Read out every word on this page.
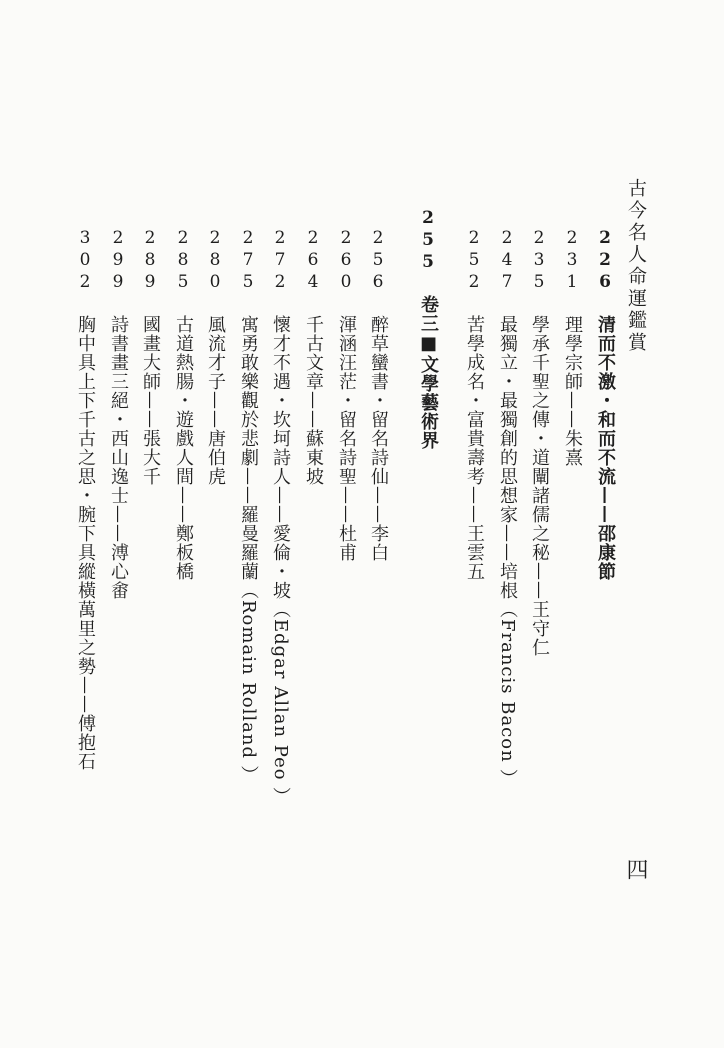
古今名人命運鑑賞
226 清而不激・和而不流——邵康節
231 理學宗師——朱熹
235 學承千聖之傳・道闡諸儒之秘——王守仁
247 最獨立・最獨創的思想家——培根（Francis Bacon ）
252 苦學成名・富貴壽考——王雲五
255 卷三■文學藝術界
256 醉草蠻書・留名詩仙——李白
260 渾涵汪茫・留名詩聖——杜甫
264 千古文章——蘇東坡
272 懷才不遇・坎坷詩人——愛倫・坡（Edgar Allan Peo ）
275 寓勇敢樂觀於悲劇——羅曼羅蘭（Romain Rolland ）
280 風流才子——唐伯虎
285 古道熱腸・遊戲人間——鄭板橋
289 國畫大師——張大千
299 詩書畫三絕・西山逸士——溥心畬
302 胸中具上下千古之思・腕下具縱橫萬里之勢——傅抱石
四
